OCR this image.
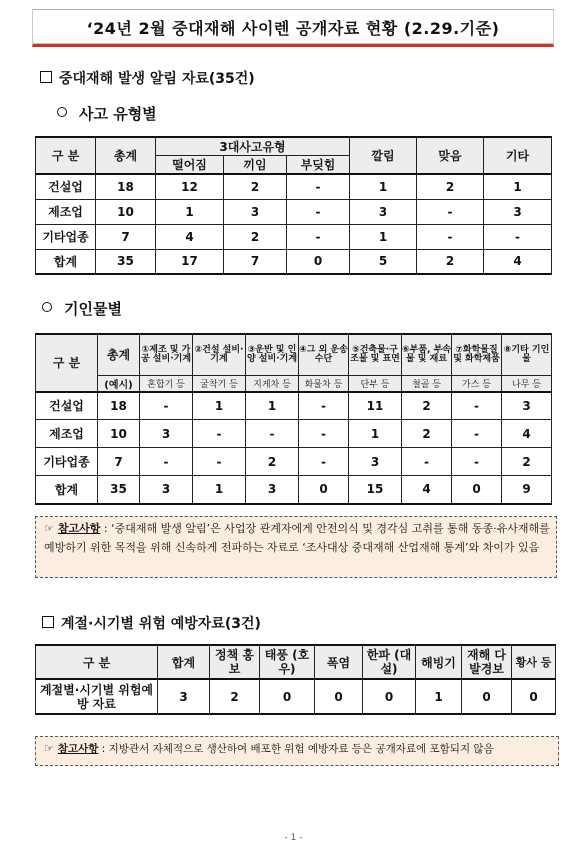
‘24년 2월 중대재해 사이렌 공개자료 현황 (2.29.기준)
중대재해 발생 알림 자료(35건)
사고 유형별
구 분	총계	3대사고유형			깔림	맞음	기타
		떨어짐	끼임	부딪힘			
건설업	18	12	2	-	1	2	1
제조업	10	1	3	-	3	-	3
기타업종	7	4	2	-	1	-	-
합계	35	17	7	0	5	2	4
기인물별
구 분	총계	①제조 및 가공 설비·기계	②건설 설비·기계	③운반 및 인양 설비·기계	④그 외 운송수단	⑤건축물·구조물 및 표면	⑥부품, 부속물 및 재료	⑦화학물질 및 화학제품	⑧기타 기인물
	(예시)	혼합기 등	굴착기 등	지게차 등	화물차 등	단부 등	철골 등	가스 등	나무 등
건설업	18	-	1	1	-	11	2	-	3
제조업	10	3	-	-	-	1	2	-	4
기타업종	7	-	-	2	-	3	-	-	2
합계	35	3	1	3	0	15	4	0	9
☞ 참고사항 : ‘중대재해 발생 알림’은 사업장 관계자에게 안전의식 및 경각심 고취를 통해 동종·유사재해를 예방하기 위한 목적을 위해 신속하게 전파하는 자료로 ‘조사대상 중대재해 산업재해 통계’와 차이가 있음
계절·시기별 위험 예방자료(3건)
구 분	합계	정책 홍보	태풍 (호우)	폭염	한파 (대설)	해빙기	재해 다발경보	황사 등
계절별·시기별 위험예방 자료	3	2	0	0	0	1	0	0
☞ 참고사항 : 지방관서 자체적으로 생산하여 배포한 위험 예방자료 등은 공개자료에 포함되지 않음
- 1 -
